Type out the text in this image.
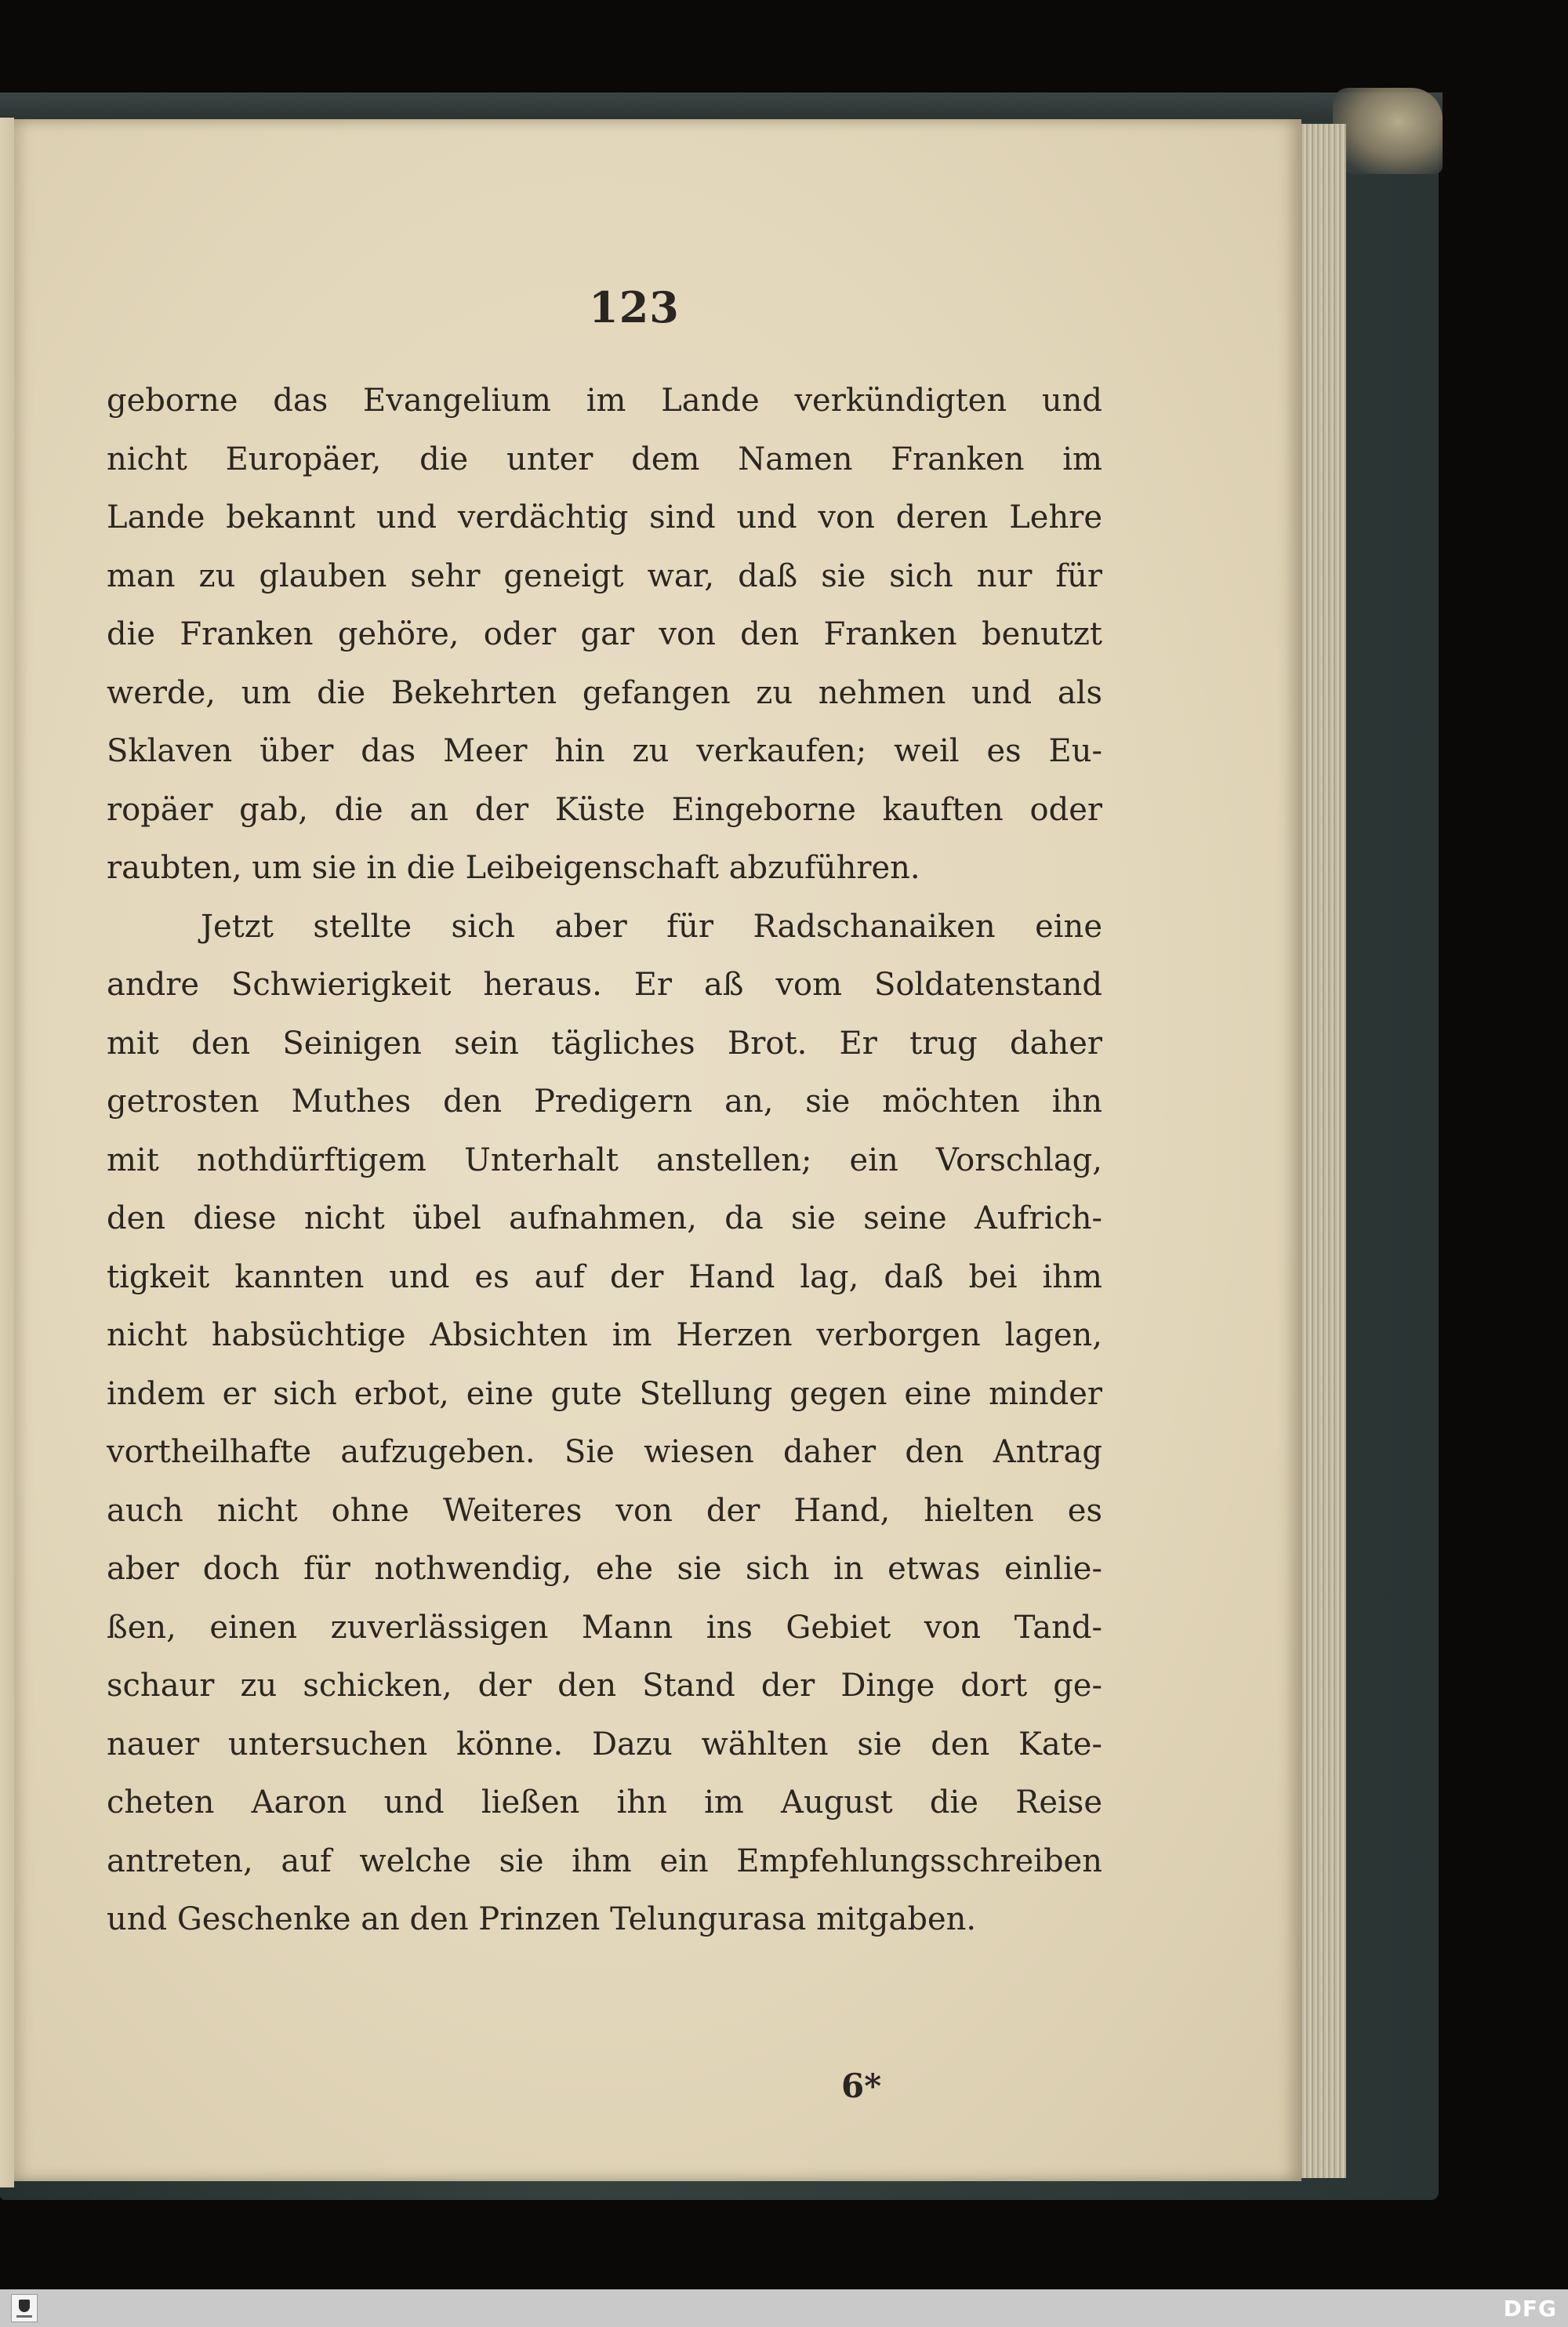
123
geborne das Evangelium im Lande verkündigten und
nicht Europäer, die unter dem Namen Franken im
Lande bekannt und verdächtig sind und von deren Lehre
man zu glauben sehr geneigt war, daß sie sich nur für
die Franken gehöre, oder gar von den Franken benutzt
werde, um die Bekehrten gefangen zu nehmen und als
Sklaven über das Meer hin zu verkaufen; weil es Eu-
ropäer gab, die an der Küste Eingeborne kauften oder
raubten, um sie in die Leibeigenschaft abzuführen.
Jetzt stellte sich aber für Radschanaiken eine
andre Schwierigkeit heraus. Er aß vom Soldatenstand
mit den Seinigen sein tägliches Brot. Er trug daher
getrosten Muthes den Predigern an, sie möchten ihn
mit nothdürftigem Unterhalt anstellen; ein Vorschlag,
den diese nicht übel aufnahmen, da sie seine Aufrich-
tigkeit kannten und es auf der Hand lag, daß bei ihm
nicht habsüchtige Absichten im Herzen verborgen lagen,
indem er sich erbot, eine gute Stellung gegen eine minder
vortheilhafte aufzugeben. Sie wiesen daher den Antrag
auch nicht ohne Weiteres von der Hand, hielten es
aber doch für nothwendig, ehe sie sich in etwas einlie-
ßen, einen zuverlässigen Mann ins Gebiet von Tand-
schaur zu schicken, der den Stand der Dinge dort ge-
nauer untersuchen könne. Dazu wählten sie den Kate-
cheten Aaron und ließen ihn im August die Reise
antreten, auf welche sie ihm ein Empfehlungsschreiben
und Geschenke an den Prinzen Telungurasa mitgaben.
6*
DFG
